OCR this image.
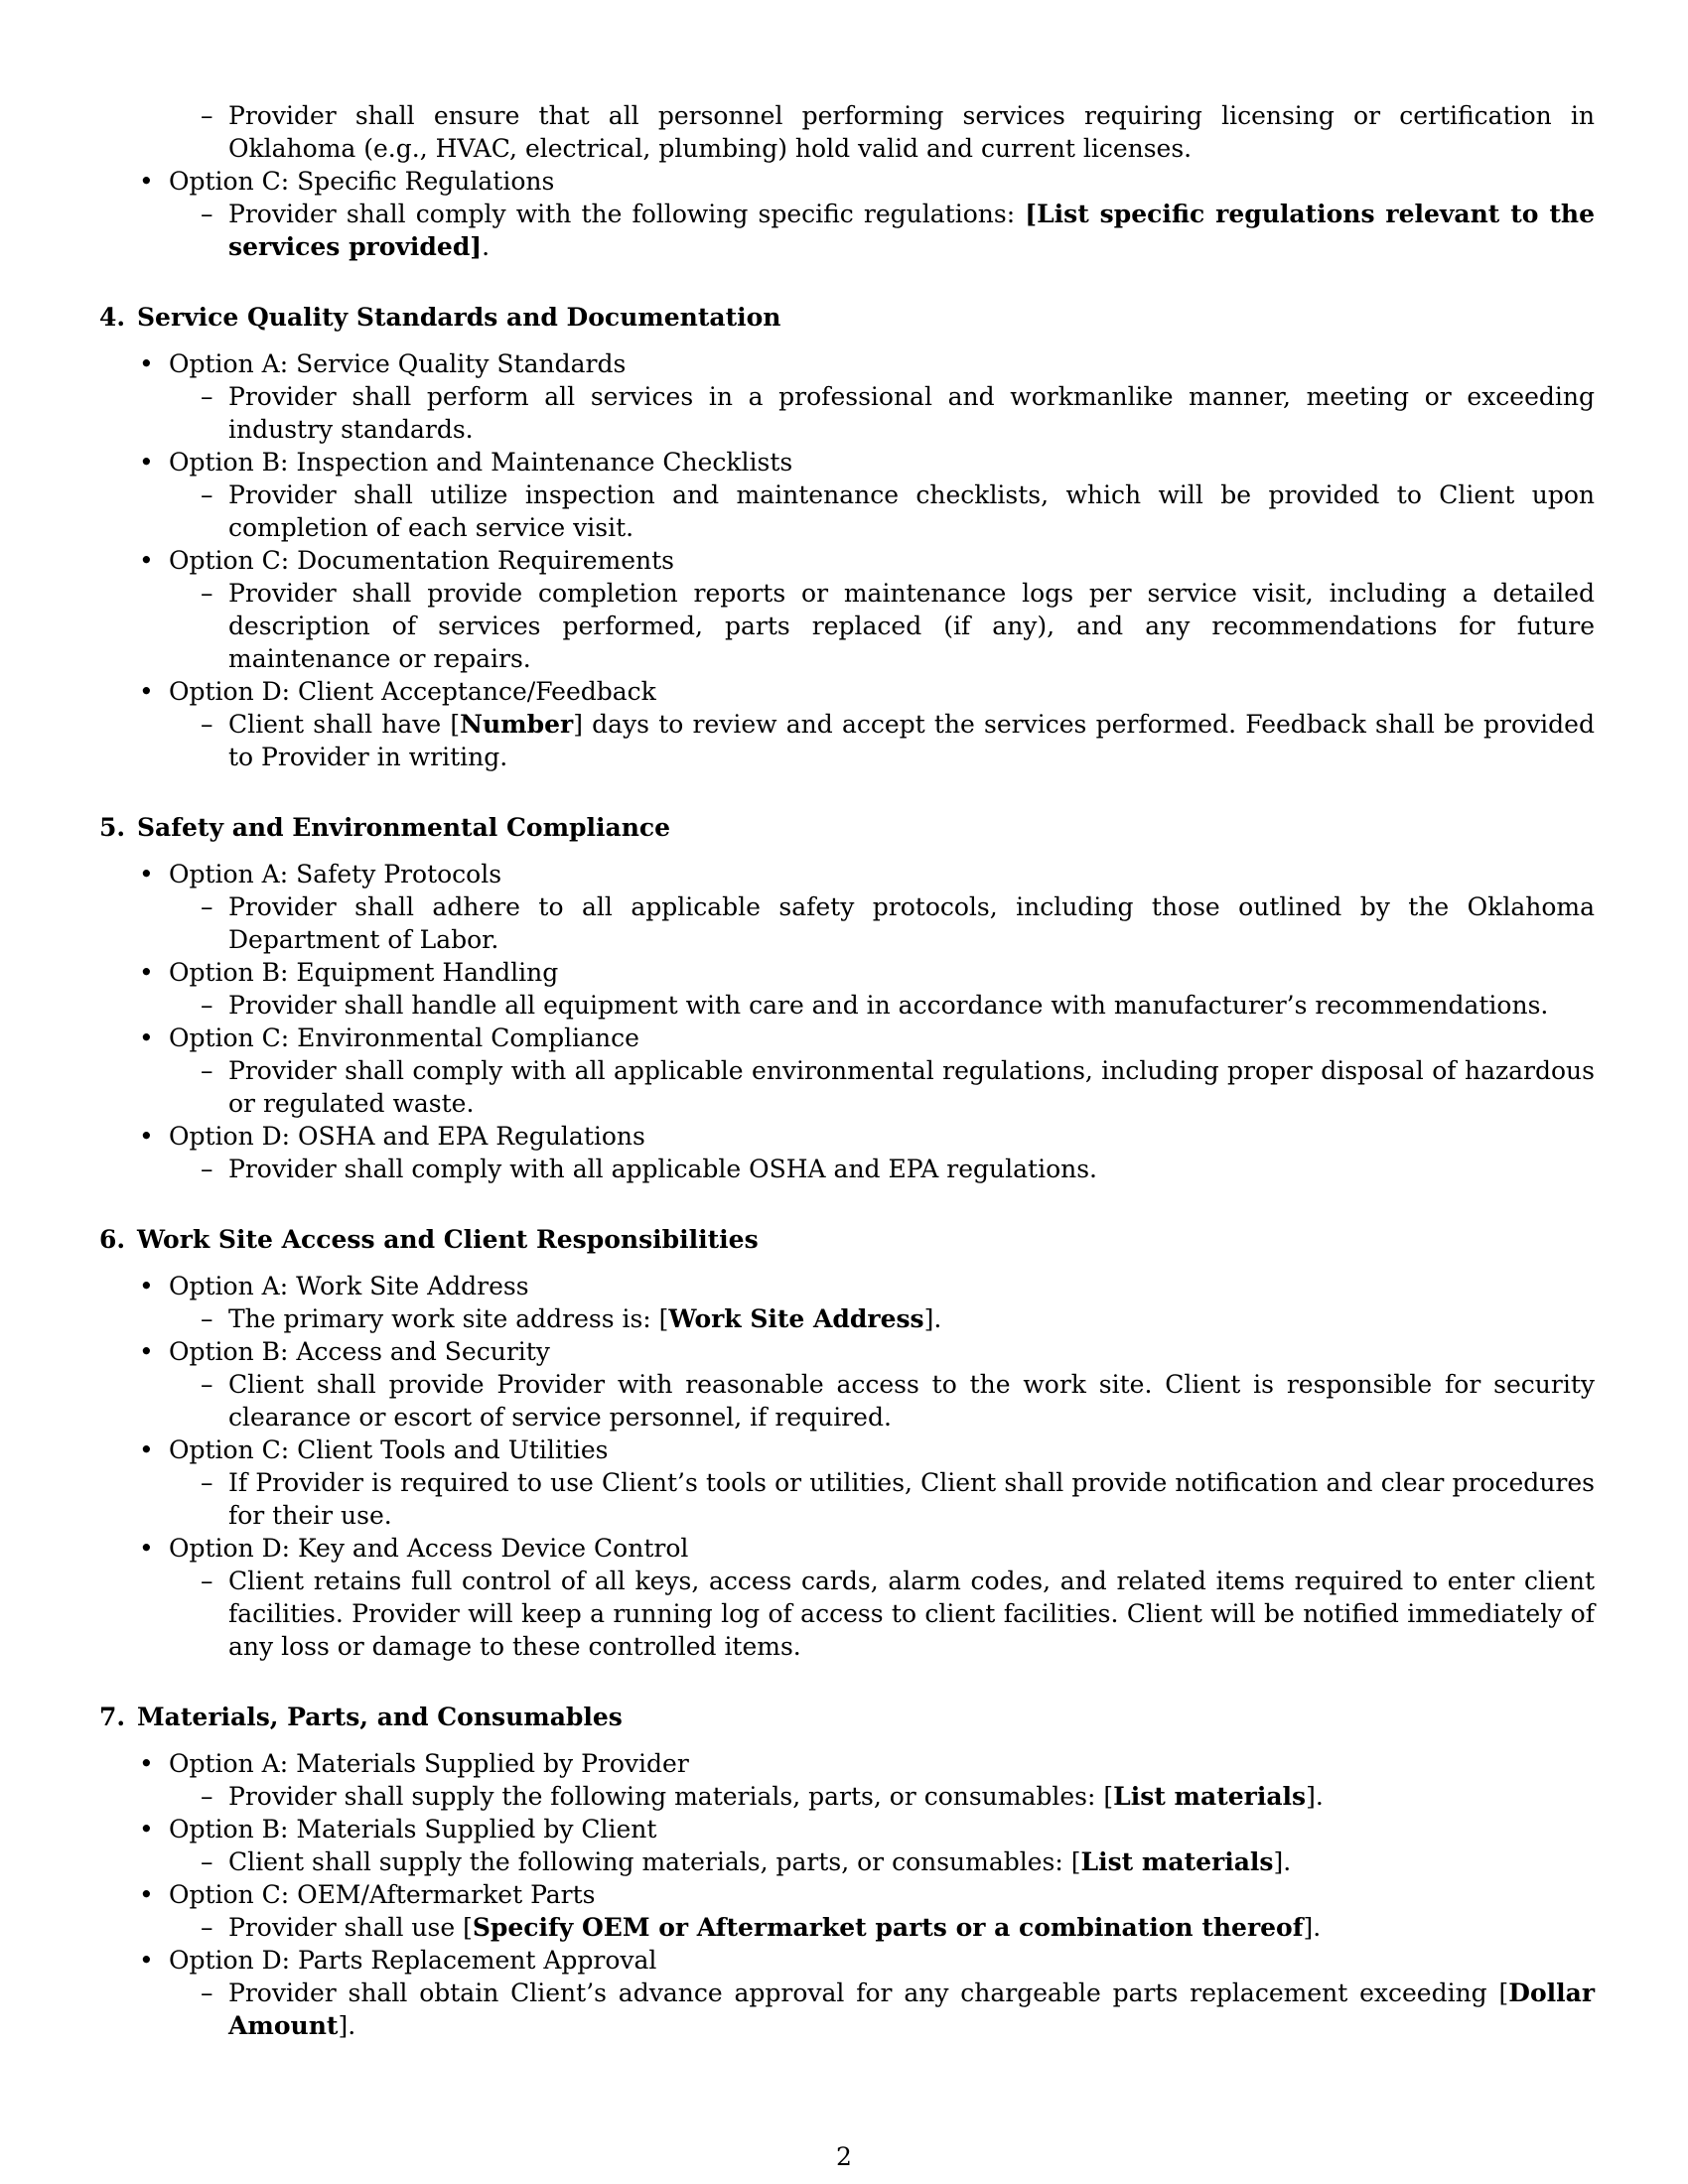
– Provider shall ensure that all personnel performing services requiring licensing or certification in Oklahoma (e.g., HVAC, electrical, plumbing) hold valid and current licenses.

• Option C: Specific Regulations

– Provider shall comply with the following specific regulations: [List specific regulations relevant to the services provided].

4. Service Quality Standards and Documentation

• Option A: Service Quality Standards

– Provider shall perform all services in a professional and workmanlike manner, meeting or exceeding industry standards.

• Option B: Inspection and Maintenance Checklists

– Provider shall utilize inspection and maintenance checklists, which will be provided to Client upon completion of each service visit.

• Option C: Documentation Requirements

– Provider shall provide completion reports or maintenance logs per service visit, including a detailed description of services performed, parts replaced (if any), and any recommendations for future maintenance or repairs.

• Option D: Client Acceptance/Feedback

– Client shall have [Number] days to review and accept the services performed. Feedback shall be provided to Provider in writing.

5. Safety and Environmental Compliance

• Option A: Safety Protocols

– Provider shall adhere to all applicable safety protocols, including those outlined by the Oklahoma Department of Labor.

• Option B: Equipment Handling

– Provider shall handle all equipment with care and in accordance with manufacturer’s recommendations.

• Option C: Environmental Compliance

– Provider shall comply with all applicable environmental regulations, including proper disposal of hazardous or regulated waste.

• Option D: OSHA and EPA Regulations

– Provider shall comply with all applicable OSHA and EPA regulations.

6. Work Site Access and Client Responsibilities

• Option A: Work Site Address

– The primary work site address is: [Work Site Address].

• Option B: Access and Security

– Client shall provide Provider with reasonable access to the work site. Client is responsible for security clearance or escort of service personnel, if required.

• Option C: Client Tools and Utilities

– If Provider is required to use Client’s tools or utilities, Client shall provide notification and clear procedures for their use.

• Option D: Key and Access Device Control

– Client retains full control of all keys, access cards, alarm codes, and related items required to enter client facilities. Provider will keep a running log of access to client facilities. Client will be notified immediately of any loss or damage to these controlled items.

7. Materials, Parts, and Consumables

• Option A: Materials Supplied by Provider

– Provider shall supply the following materials, parts, or consumables: [List materials].

• Option B: Materials Supplied by Client

– Client shall supply the following materials, parts, or consumables: [List materials].

• Option C: OEM/Aftermarket Parts

– Provider shall use [Specify OEM or Aftermarket parts or a combination thereof].

• Option D: Parts Replacement Approval

– Provider shall obtain Client’s advance approval for any chargeable parts replacement exceeding [Dollar Amount].

2
